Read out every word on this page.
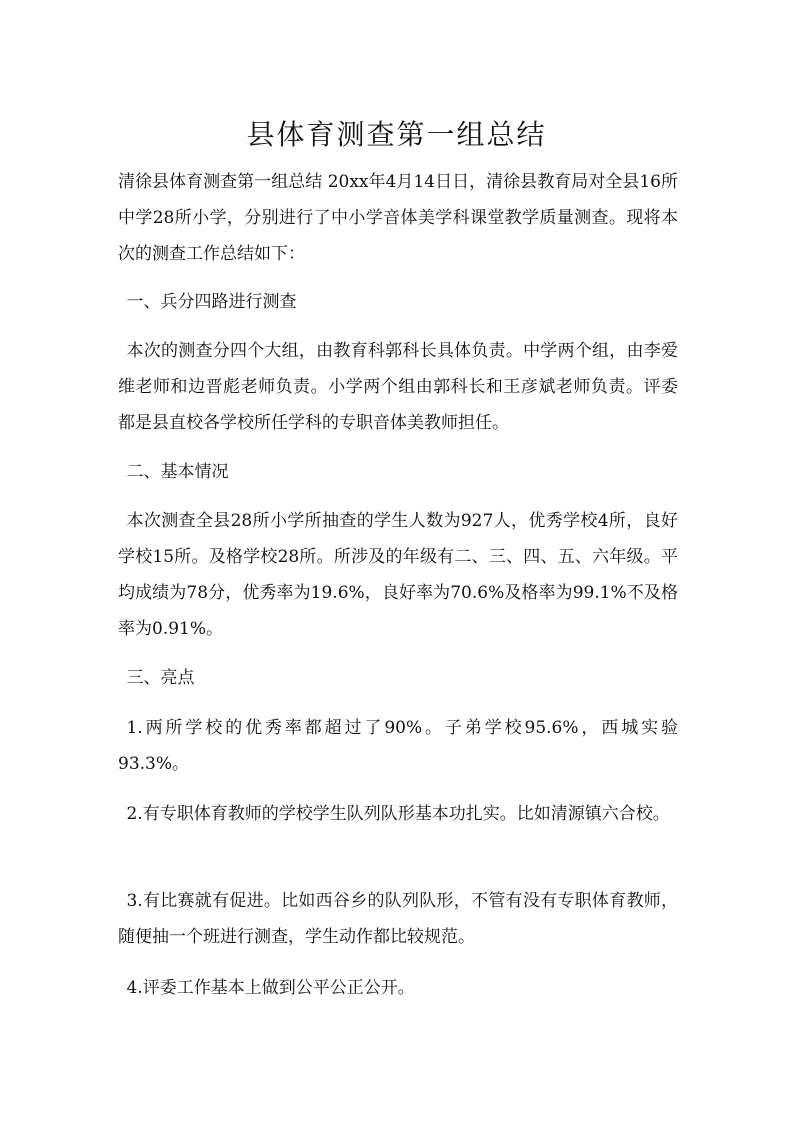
县体育测查第一组总结

清徐县体育测查第一组总结 20xx年4月14日日，清徐县教育局对全县16所中学28所小学，分别进行了中小学音体美学科课堂教学质量测查。现将本次的测查工作总结如下：

一、兵分四路进行测查

本次的测查分四个大组，由教育科郭科长具体负责。中学两个组，由李爱维老师和边晋彪老师负责。小学两个组由郭科长和王彦斌老师负责。评委都是县直校各学校所任学科的专职音体美教师担任。

二、基本情况

本次测查全县28所小学所抽查的学生人数为927人，优秀学校4所，良好学校15所。及格学校28所。所涉及的年级有二、三、四、五、六年级。平均成绩为78分，优秀率为19.6%，良好率为70.6%及格率为99.1%不及格率为0.91%。

三、亮点

1.两所学校的优秀率都超过了90%。子弟学校95.6%，西城实验93.3%。

2.有专职体育教师的学校学生队列队形基本功扎实。比如清源镇六合校。

3.有比赛就有促进。比如西谷乡的队列队形，不管有没有专职体育教师，随便抽一个班进行测查，学生动作都比较规范。

4.评委工作基本上做到公平公正公开。
